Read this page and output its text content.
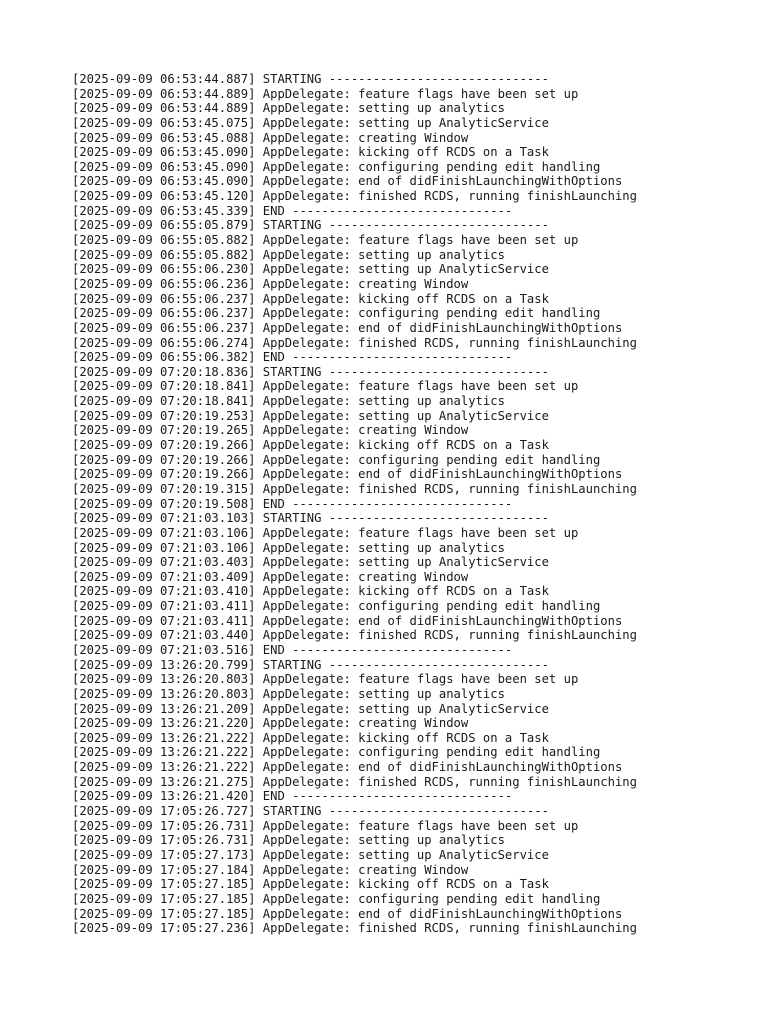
[2025-09-09 06:53:44.887] STARTING ------------------------------
[2025-09-09 06:53:44.889] AppDelegate: feature flags have been set up
[2025-09-09 06:53:44.889] AppDelegate: setting up analytics
[2025-09-09 06:53:45.075] AppDelegate: setting up AnalyticService
[2025-09-09 06:53:45.088] AppDelegate: creating Window
[2025-09-09 06:53:45.090] AppDelegate: kicking off RCDS on a Task
[2025-09-09 06:53:45.090] AppDelegate: configuring pending edit handling
[2025-09-09 06:53:45.090] AppDelegate: end of didFinishLaunchingWithOptions
[2025-09-09 06:53:45.120] AppDelegate: finished RCDS, running finishLaunching
[2025-09-09 06:53:45.339] END ------------------------------
[2025-09-09 06:55:05.879] STARTING ------------------------------
[2025-09-09 06:55:05.882] AppDelegate: feature flags have been set up
[2025-09-09 06:55:05.882] AppDelegate: setting up analytics
[2025-09-09 06:55:06.230] AppDelegate: setting up AnalyticService
[2025-09-09 06:55:06.236] AppDelegate: creating Window
[2025-09-09 06:55:06.237] AppDelegate: kicking off RCDS on a Task
[2025-09-09 06:55:06.237] AppDelegate: configuring pending edit handling
[2025-09-09 06:55:06.237] AppDelegate: end of didFinishLaunchingWithOptions
[2025-09-09 06:55:06.274] AppDelegate: finished RCDS, running finishLaunching
[2025-09-09 06:55:06.382] END ------------------------------
[2025-09-09 07:20:18.836] STARTING ------------------------------
[2025-09-09 07:20:18.841] AppDelegate: feature flags have been set up
[2025-09-09 07:20:18.841] AppDelegate: setting up analytics
[2025-09-09 07:20:19.253] AppDelegate: setting up AnalyticService
[2025-09-09 07:20:19.265] AppDelegate: creating Window
[2025-09-09 07:20:19.266] AppDelegate: kicking off RCDS on a Task
[2025-09-09 07:20:19.266] AppDelegate: configuring pending edit handling
[2025-09-09 07:20:19.266] AppDelegate: end of didFinishLaunchingWithOptions
[2025-09-09 07:20:19.315] AppDelegate: finished RCDS, running finishLaunching
[2025-09-09 07:20:19.508] END ------------------------------
[2025-09-09 07:21:03.103] STARTING ------------------------------
[2025-09-09 07:21:03.106] AppDelegate: feature flags have been set up
[2025-09-09 07:21:03.106] AppDelegate: setting up analytics
[2025-09-09 07:21:03.403] AppDelegate: setting up AnalyticService
[2025-09-09 07:21:03.409] AppDelegate: creating Window
[2025-09-09 07:21:03.410] AppDelegate: kicking off RCDS on a Task
[2025-09-09 07:21:03.411] AppDelegate: configuring pending edit handling
[2025-09-09 07:21:03.411] AppDelegate: end of didFinishLaunchingWithOptions
[2025-09-09 07:21:03.440] AppDelegate: finished RCDS, running finishLaunching
[2025-09-09 07:21:03.516] END ------------------------------
[2025-09-09 13:26:20.799] STARTING ------------------------------
[2025-09-09 13:26:20.803] AppDelegate: feature flags have been set up
[2025-09-09 13:26:20.803] AppDelegate: setting up analytics
[2025-09-09 13:26:21.209] AppDelegate: setting up AnalyticService
[2025-09-09 13:26:21.220] AppDelegate: creating Window
[2025-09-09 13:26:21.222] AppDelegate: kicking off RCDS on a Task
[2025-09-09 13:26:21.222] AppDelegate: configuring pending edit handling
[2025-09-09 13:26:21.222] AppDelegate: end of didFinishLaunchingWithOptions
[2025-09-09 13:26:21.275] AppDelegate: finished RCDS, running finishLaunching
[2025-09-09 13:26:21.420] END ------------------------------
[2025-09-09 17:05:26.727] STARTING ------------------------------
[2025-09-09 17:05:26.731] AppDelegate: feature flags have been set up
[2025-09-09 17:05:26.731] AppDelegate: setting up analytics
[2025-09-09 17:05:27.173] AppDelegate: setting up AnalyticService
[2025-09-09 17:05:27.184] AppDelegate: creating Window
[2025-09-09 17:05:27.185] AppDelegate: kicking off RCDS on a Task
[2025-09-09 17:05:27.185] AppDelegate: configuring pending edit handling
[2025-09-09 17:05:27.185] AppDelegate: end of didFinishLaunchingWithOptions
[2025-09-09 17:05:27.236] AppDelegate: finished RCDS, running finishLaunching
